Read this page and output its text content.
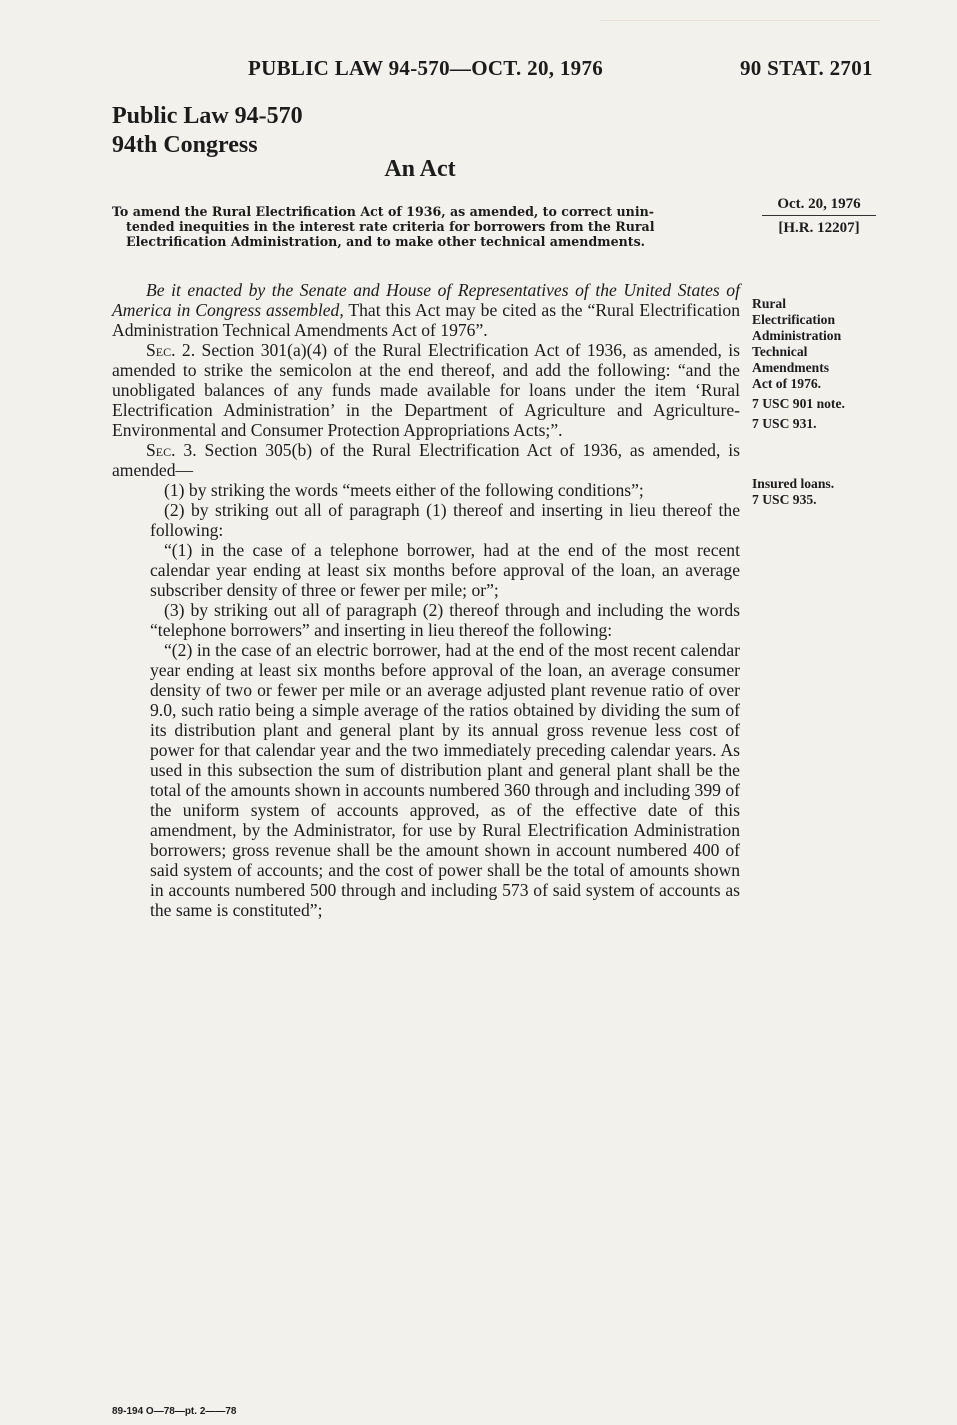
PUBLIC LAW 94-570—OCT. 20, 1976	90 STAT. 2701
Public Law 94-570
94th Congress
An Act
To amend the Rural Electrification Act of 1936, as amended, to correct unin-
tended inequities in the interest rate criteria for borrowers from the Rural
Electrification Administration, and to make other technical amendments.
Oct. 20, 1976
[H.R. 12207]
Rural
Electrification
Administration
Technical
Amendments
Act of 1976.
7 USC 901 note.
7 USC 931.
Insured loans.
7 USC 935.

Be it enacted by the Senate and House of Representatives of the United States of America in Congress assembled, That this Act may be cited as the “Rural Electrification Administration Technical Amendments Act of 1976”.

Sec. 2. Section 301(a)(4) of the Rural Electrification Act of 1936, as amended, is amended to strike the semicolon at the end thereof, and add the following: “and the unobligated balances of any funds made available for loans under the item ‘Rural Electrification Administration’ in the Department of Agriculture and Agriculture-Environmental and Consumer Protection Appropriations Acts;”.

Sec. 3. Section 305(b) of the Rural Electrification Act of 1936, as amended, is amended—

(1) by striking the words “meets either of the following conditions”;

(2) by striking out all of paragraph (1) thereof and inserting in lieu thereof the following:

“(1) in the case of a telephone borrower, had at the end of the most recent calendar year ending at least six months before approval of the loan, an average subscriber density of three or fewer per mile; or”;

(3) by striking out all of paragraph (2) thereof through and including the words “telephone borrowers” and inserting in lieu thereof the following:

“(2) in the case of an electric borrower, had at the end of the most recent calendar year ending at least six months before approval of the loan, an average consumer density of two or fewer per mile or an average adjusted plant revenue ratio of over 9.0, such ratio being a simple average of the ratios obtained by dividing the sum of its distribution plant and general plant by its annual gross revenue less cost of power for that calendar year and the two immediately preceding calendar years. As used in this subsection the sum of distribution plant and general plant shall be the total of the amounts shown in accounts numbered 360 through and including 399 of the uniform system of accounts approved, as of the effective date of this amendment, by the Administrator, for use by Rural Electrification Administration borrowers; gross revenue shall be the amount shown in account numbered 400 of said system of accounts; and the cost of power shall be the total of amounts shown in accounts numbered 500 through and including 573 of said system of accounts as the same is constituted”;

89-194 O—78—pt. 2——78
